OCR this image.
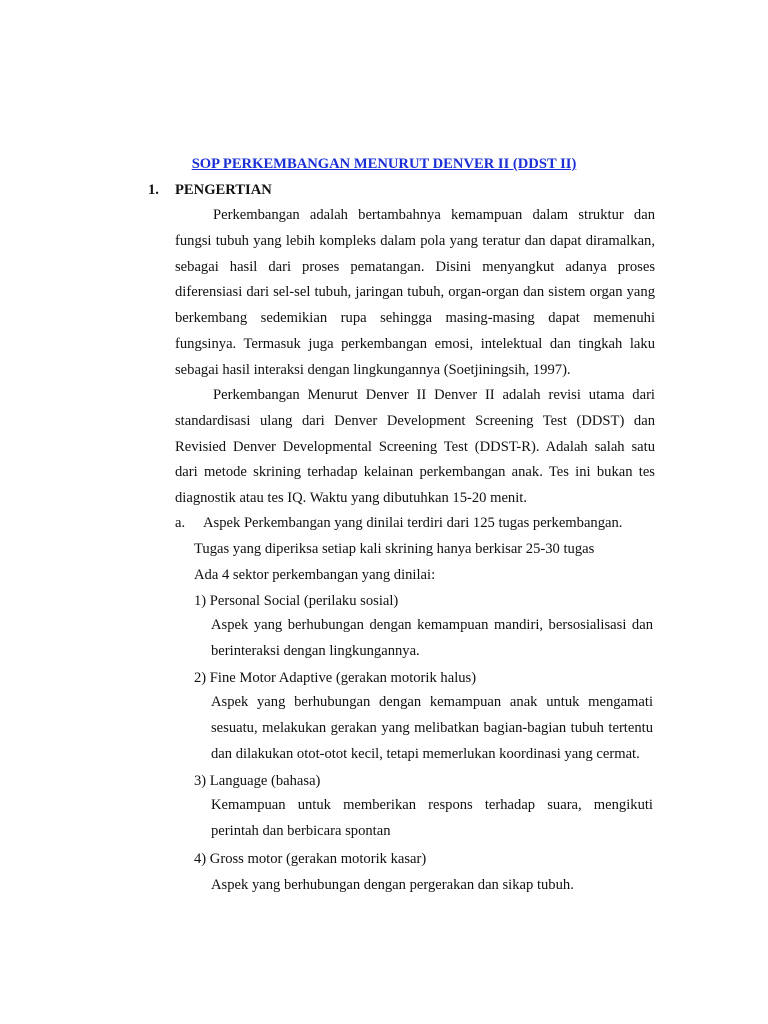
SOP PERKEMBANGAN MENURUT DENVER II (DDST II)
1. PENGERTIAN
Perkembangan adalah bertambahnya kemampuan dalam struktur dan fungsi tubuh yang lebih kompleks dalam pola yang teratur dan dapat diramalkan, sebagai hasil dari proses pematangan. Disini menyangkut adanya proses diferensiasi dari sel-sel tubuh, jaringan tubuh, organ-organ dan sistem organ yang berkembang sedemikian rupa sehingga masing-masing dapat memenuhi fungsinya. Termasuk juga perkembangan emosi, intelektual dan tingkah laku sebagai hasil interaksi dengan lingkungannya (Soetjiningsih, 1997).
Perkembangan Menurut Denver II Denver II adalah revisi utama dari standardisasi ulang dari Denver Development Screening Test (DDST) dan Revisied Denver Developmental Screening Test (DDST-R). Adalah salah satu dari metode skrining terhadap kelainan perkembangan anak. Tes ini bukan tes diagnostik atau tes IQ. Waktu yang dibutuhkan 15-20 menit.
a. Aspek Perkembangan yang dinilai terdiri dari 125 tugas perkembangan.
Tugas yang diperiksa setiap kali skrining hanya berkisar 25-30 tugas
Ada 4 sektor perkembangan yang dinilai:
1) Personal Social (perilaku sosial)
Aspek yang berhubungan dengan kemampuan mandiri, bersosialisasi dan berinteraksi dengan lingkungannya.
2) Fine Motor Adaptive (gerakan motorik halus)
Aspek yang berhubungan dengan kemampuan anak untuk mengamati sesuatu, melakukan gerakan yang melibatkan bagian-bagian tubuh tertentu dan dilakukan otot-otot kecil, tetapi memerlukan koordinasi yang cermat.
3) Language (bahasa)
Kemampuan untuk memberikan respons terhadap suara, mengikuti perintah dan berbicara spontan
4) Gross motor (gerakan motorik kasar)
Aspek yang berhubungan dengan pergerakan dan sikap tubuh.
